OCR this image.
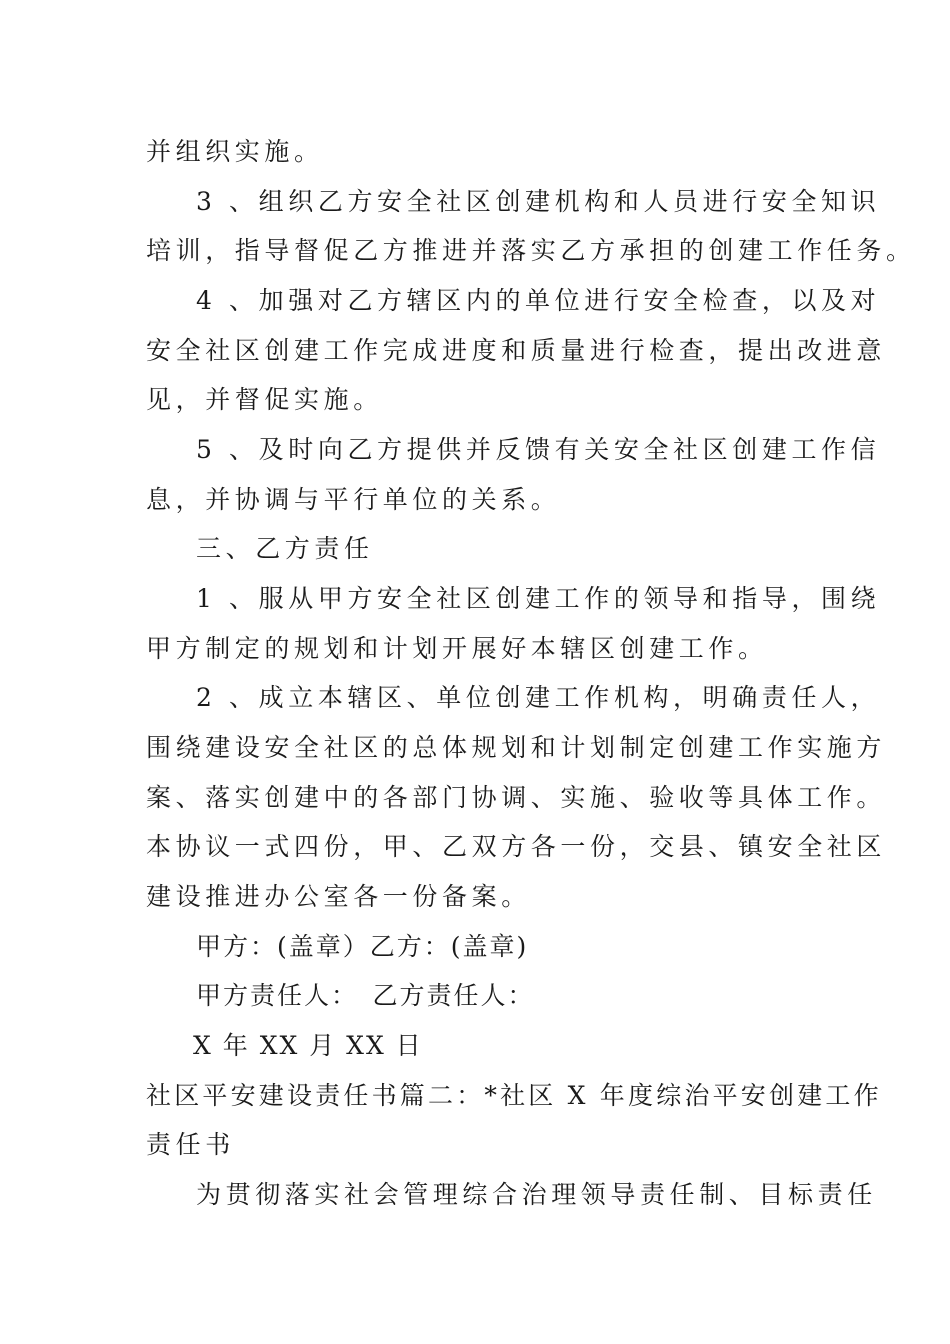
并组织实施。
3 、组织乙方安全社区创建机构和人员进行安全知识
培训，指导督促乙方推进并落实乙方承担的创建工作任务。
4 、加强对乙方辖区内的单位进行安全检查，以及对
安全社区创建工作完成进度和质量进行检查，提出改进意
见，并督促实施。
5 、及时向乙方提供并反馈有关安全社区创建工作信
息，并协调与平行单位的关系。
三、乙方责任
1 、服从甲方安全社区创建工作的领导和指导，围绕
甲方制定的规划和计划开展好本辖区创建工作。
2 、成立本辖区、单位创建工作机构，明确责任人，
围绕建设安全社区的总体规划和计划制定创建工作实施方
案、落实创建中的各部门协调、实施、验收等具体工作。
本协议一式四份，甲、乙双方各一份，交县、镇安全社区
建设推进办公室各一份备案。
甲方：(盖章）乙方：(盖章)
甲方责任人：　乙方责任人：
X 年 XX 月 XX 日
社区平安建设责任书篇二：*社区 X 年度综治平安创建工作
责任书
为贯彻落实社会管理综合治理领导责任制、目标责任
